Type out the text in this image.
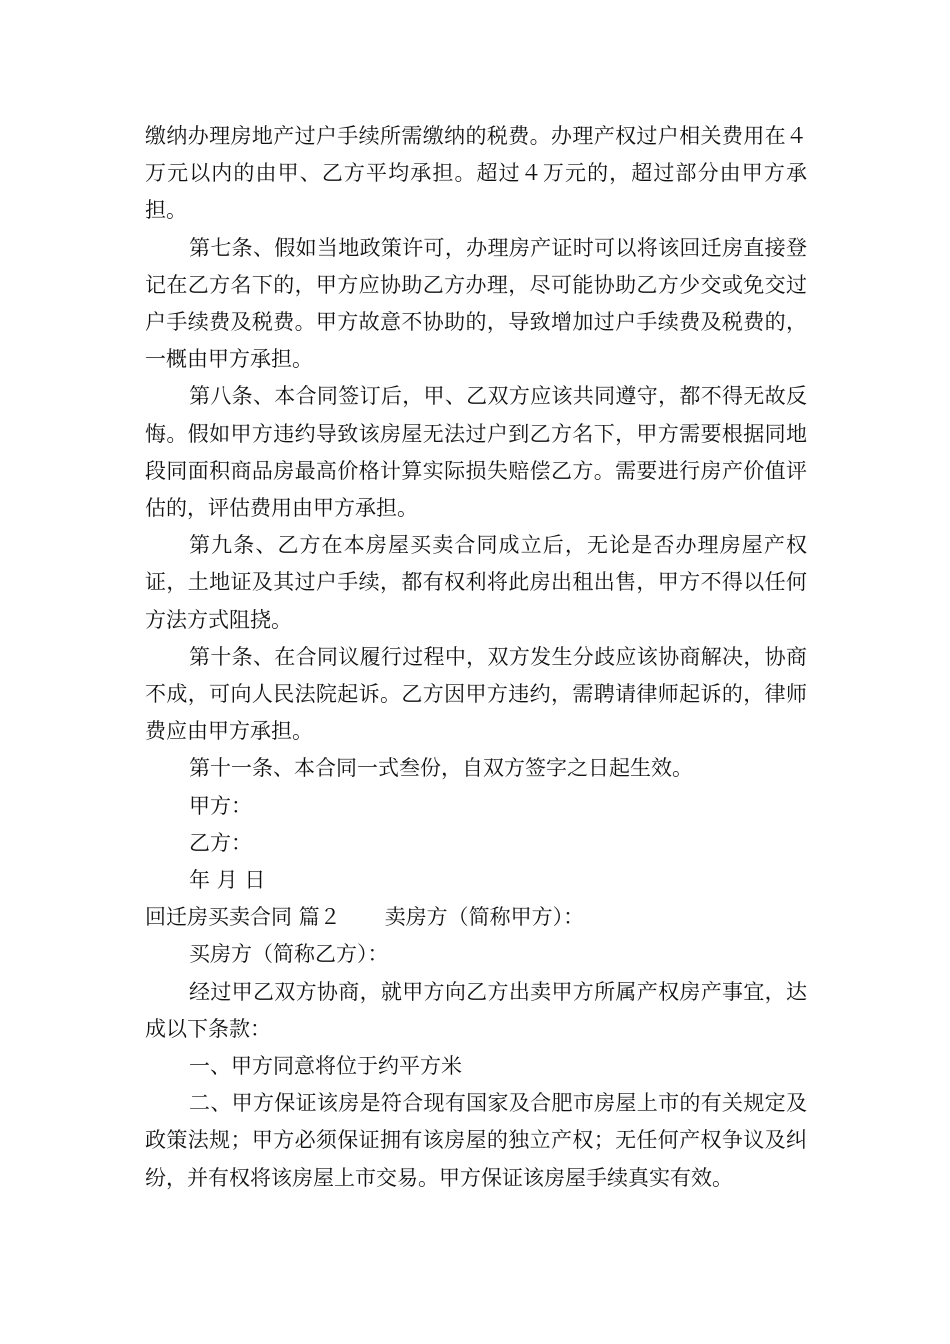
缴纳办理房地产过户手续所需缴纳的税费。办理产权过户相关费用在４万元以内的由甲、乙方平均承担。超过４万元的，超过部分由甲方承担。

第七条、假如当地政策许可，办理房产证时可以将该回迁房直接登记在乙方名下的，甲方应协助乙方办理，尽可能协助乙方少交或免交过户手续费及税费。甲方故意不协助的，导致增加过户手续费及税费的，一概由甲方承担。

第八条、本合同签订后，甲、乙双方应该共同遵守，都不得无故反悔。假如甲方违约导致该房屋无法过户到乙方名下，甲方需要根据同地段同面积商品房最高价格计算实际损失赔偿乙方。需要进行房产价值评估的，评估费用由甲方承担。

第九条、乙方在本房屋买卖合同成立后，无论是否办理房屋产权证，土地证及其过户手续，都有权利将此房出租出售，甲方不得以任何方法方式阻挠。

第十条、在合同议履行过程中，双方发生分歧应该协商解决，协商不成，可向人民法院起诉。乙方因甲方违约，需聘请律师起诉的，律师费应由甲方承担。

第十一条、本合同一式叁份，自双方签字之日起生效。

甲方：

乙方：

年 月 日

回迁房买卖合同 篇２ 卖房方（简称甲方）：

买房方（简称乙方）：

经过甲乙双方协商，就甲方向乙方出卖甲方所属产权房产事宜，达成以下条款：

一、甲方同意将位于约平方米

二、甲方保证该房是符合现有国家及合肥市房屋上市的有关规定及政策法规；甲方必须保证拥有该房屋的独立产权；无任何产权争议及纠纷，并有权将该房屋上市交易。甲方保证该房屋手续真实有效。
